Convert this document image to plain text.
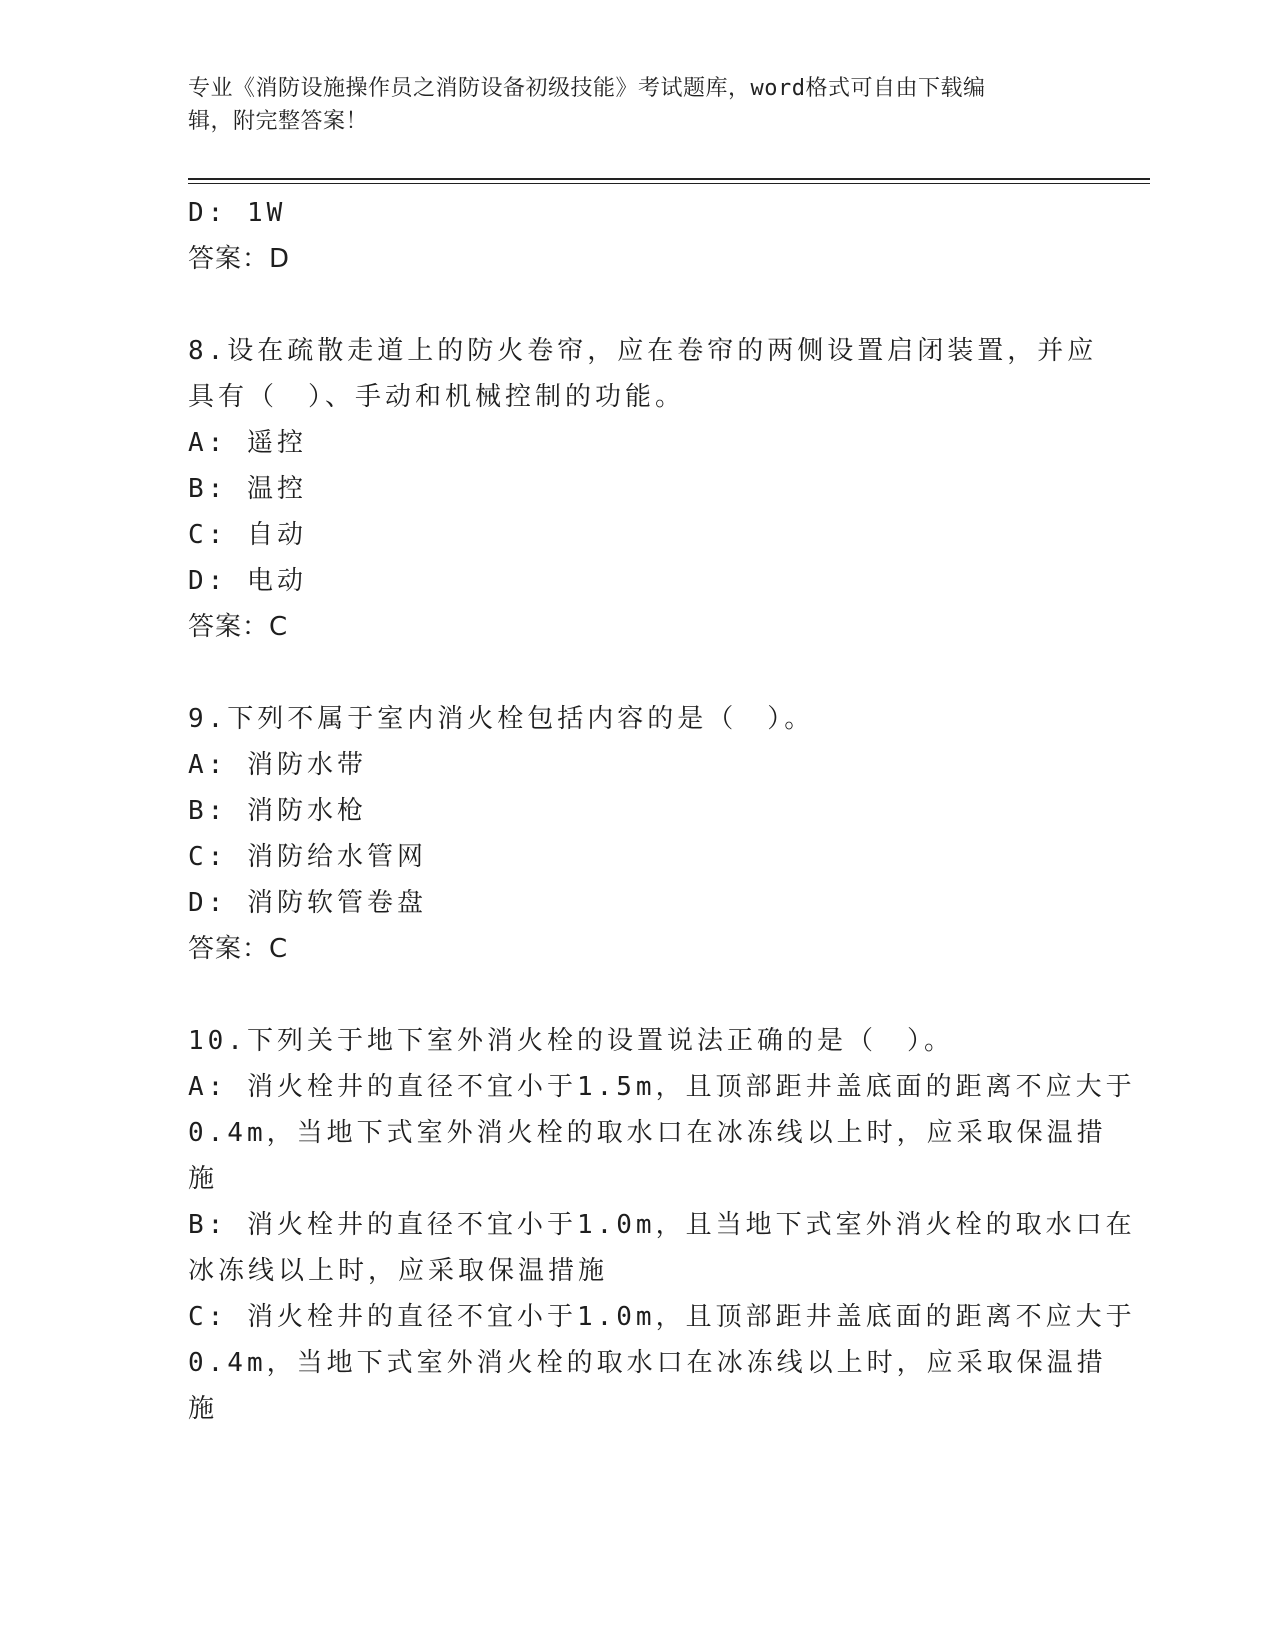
专业《消防设施操作员之消防设备初级技能》考试题库，word格式可自由下载编
辑，附完整答案！
D: 1W
答案：D
8.设在疏散走道上的防火卷帘，应在卷帘的两侧设置启闭装置，并应
具有（　）、手动和机械控制的功能。
A: 遥控
B: 温控
C: 自动
D: 电动
答案：C
9.下列不属于室内消火栓包括内容的是（　）。
A: 消防水带
B: 消防水枪
C: 消防给水管网
D: 消防软管卷盘
答案：C
10.下列关于地下室外消火栓的设置说法正确的是（　）。
A: 消火栓井的直径不宜小于1.5m，且顶部距井盖底面的距离不应大于
0.4m，当地下式室外消火栓的取水口在冰冻线以上时，应采取保温措
施
B: 消火栓井的直径不宜小于1.0m，且当地下式室外消火栓的取水口在
冰冻线以上时，应采取保温措施
C: 消火栓井的直径不宜小于1.0m，且顶部距井盖底面的距离不应大于
0.4m，当地下式室外消火栓的取水口在冰冻线以上时，应采取保温措
施
